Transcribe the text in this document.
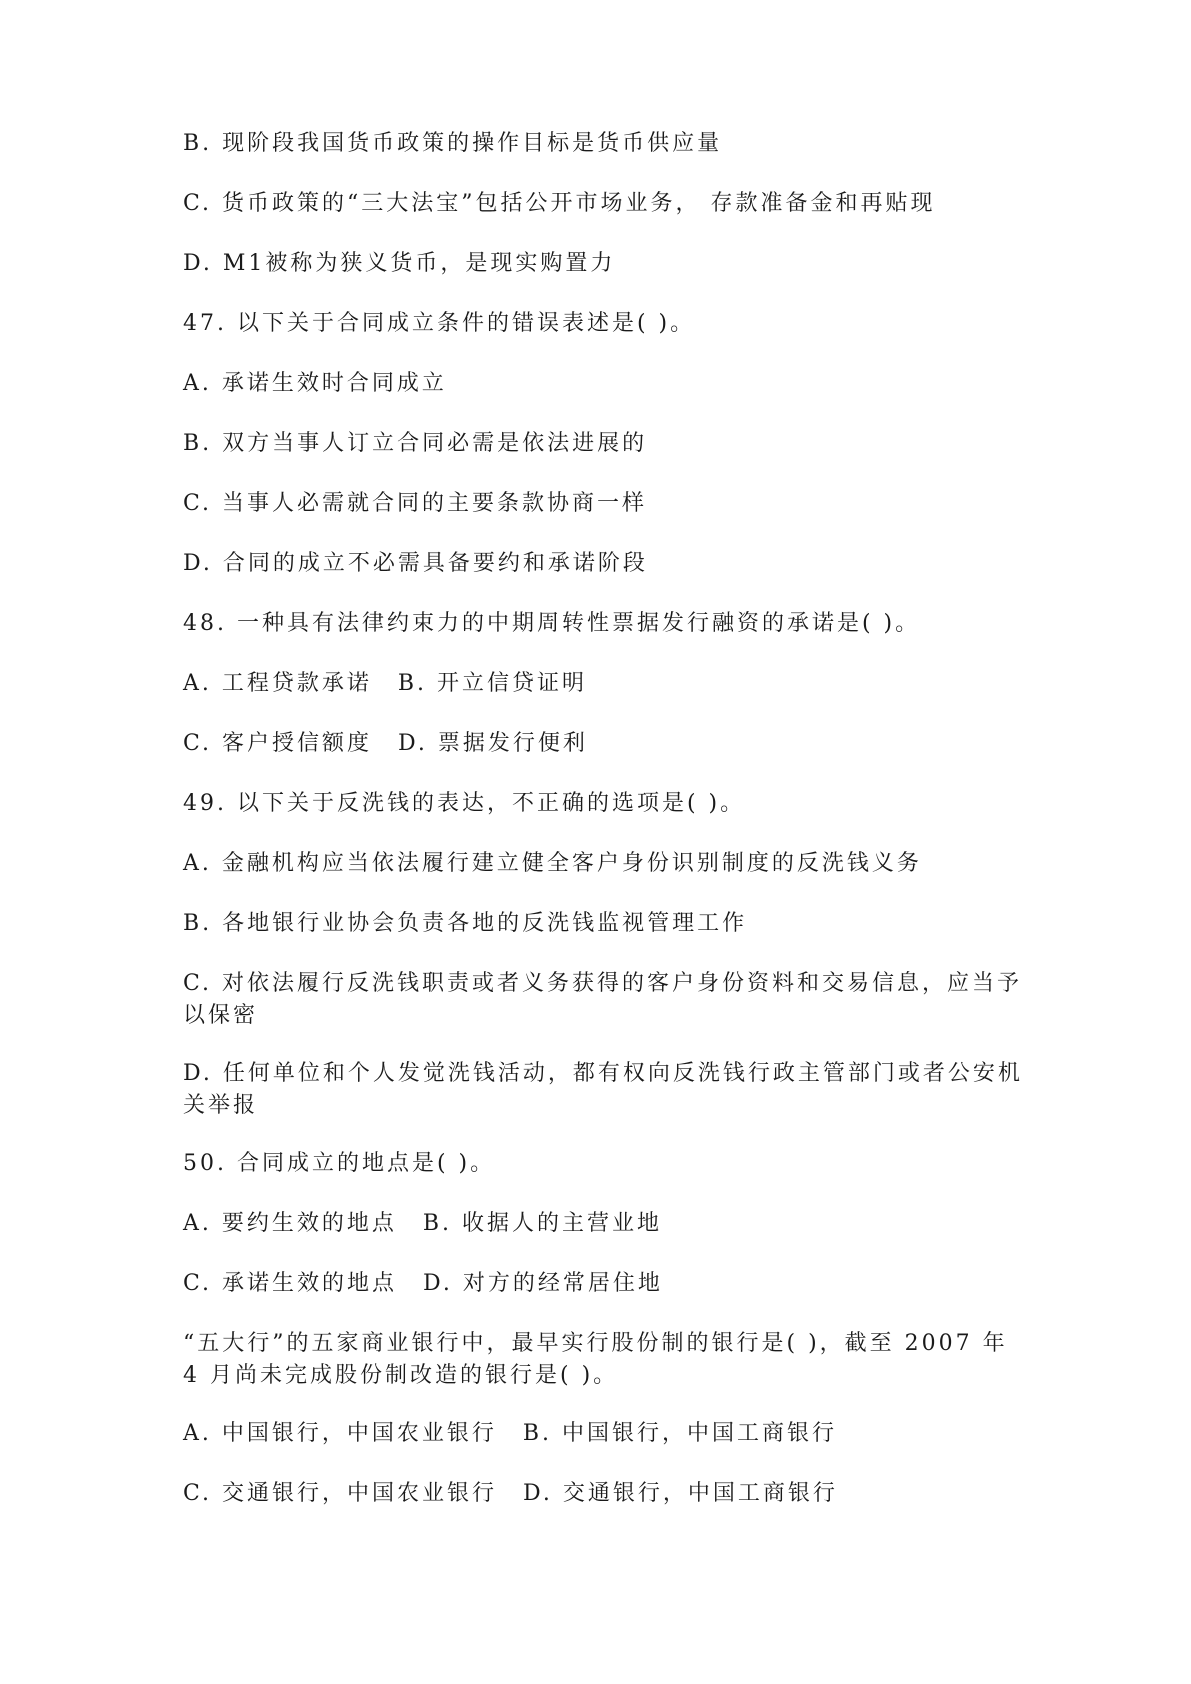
B. 现阶段我国货币政策的操作目标是货币供应量
C. 货币政策的“三大法宝”包括公开市场业务， 存款准备金和再贴现
D. M1被称为狭义货币，是现实购置力
47. 以下关于合同成立条件的错误表述是( )。
A. 承诺生效时合同成立
B. 双方当事人订立合同必需是依法进展的
C. 当事人必需就合同的主要条款协商一样
D. 合同的成立不必需具备要约和承诺阶段
48. 一种具有法律约束力的中期周转性票据发行融资的承诺是( )。
A. 工程贷款承诺 B. 开立信贷证明
C. 客户授信额度 D. 票据发行便利
49. 以下关于反洗钱的表达，不正确的选项是( )。
A. 金融机构应当依法履行建立健全客户身份识别制度的反洗钱义务
B. 各地银行业协会负责各地的反洗钱监视管理工作
C. 对依法履行反洗钱职责或者义务获得的客户身份资料和交易信息，应当予以保密
D. 任何单位和个人发觉洗钱活动，都有权向反洗钱行政主管部门或者公安机关举报
50. 合同成立的地点是( )。
A. 要约生效的地点 B. 收据人的主营业地
C. 承诺生效的地点 D. 对方的经常居住地
“五大行”的五家商业银行中，最早实行股份制的银行是( )，截至 2007 年 4 月尚未完成股份制改造的银行是( )。
A. 中国银行，中国农业银行 B. 中国银行，中国工商银行
C. 交通银行，中国农业银行 D. 交通银行，中国工商银行
